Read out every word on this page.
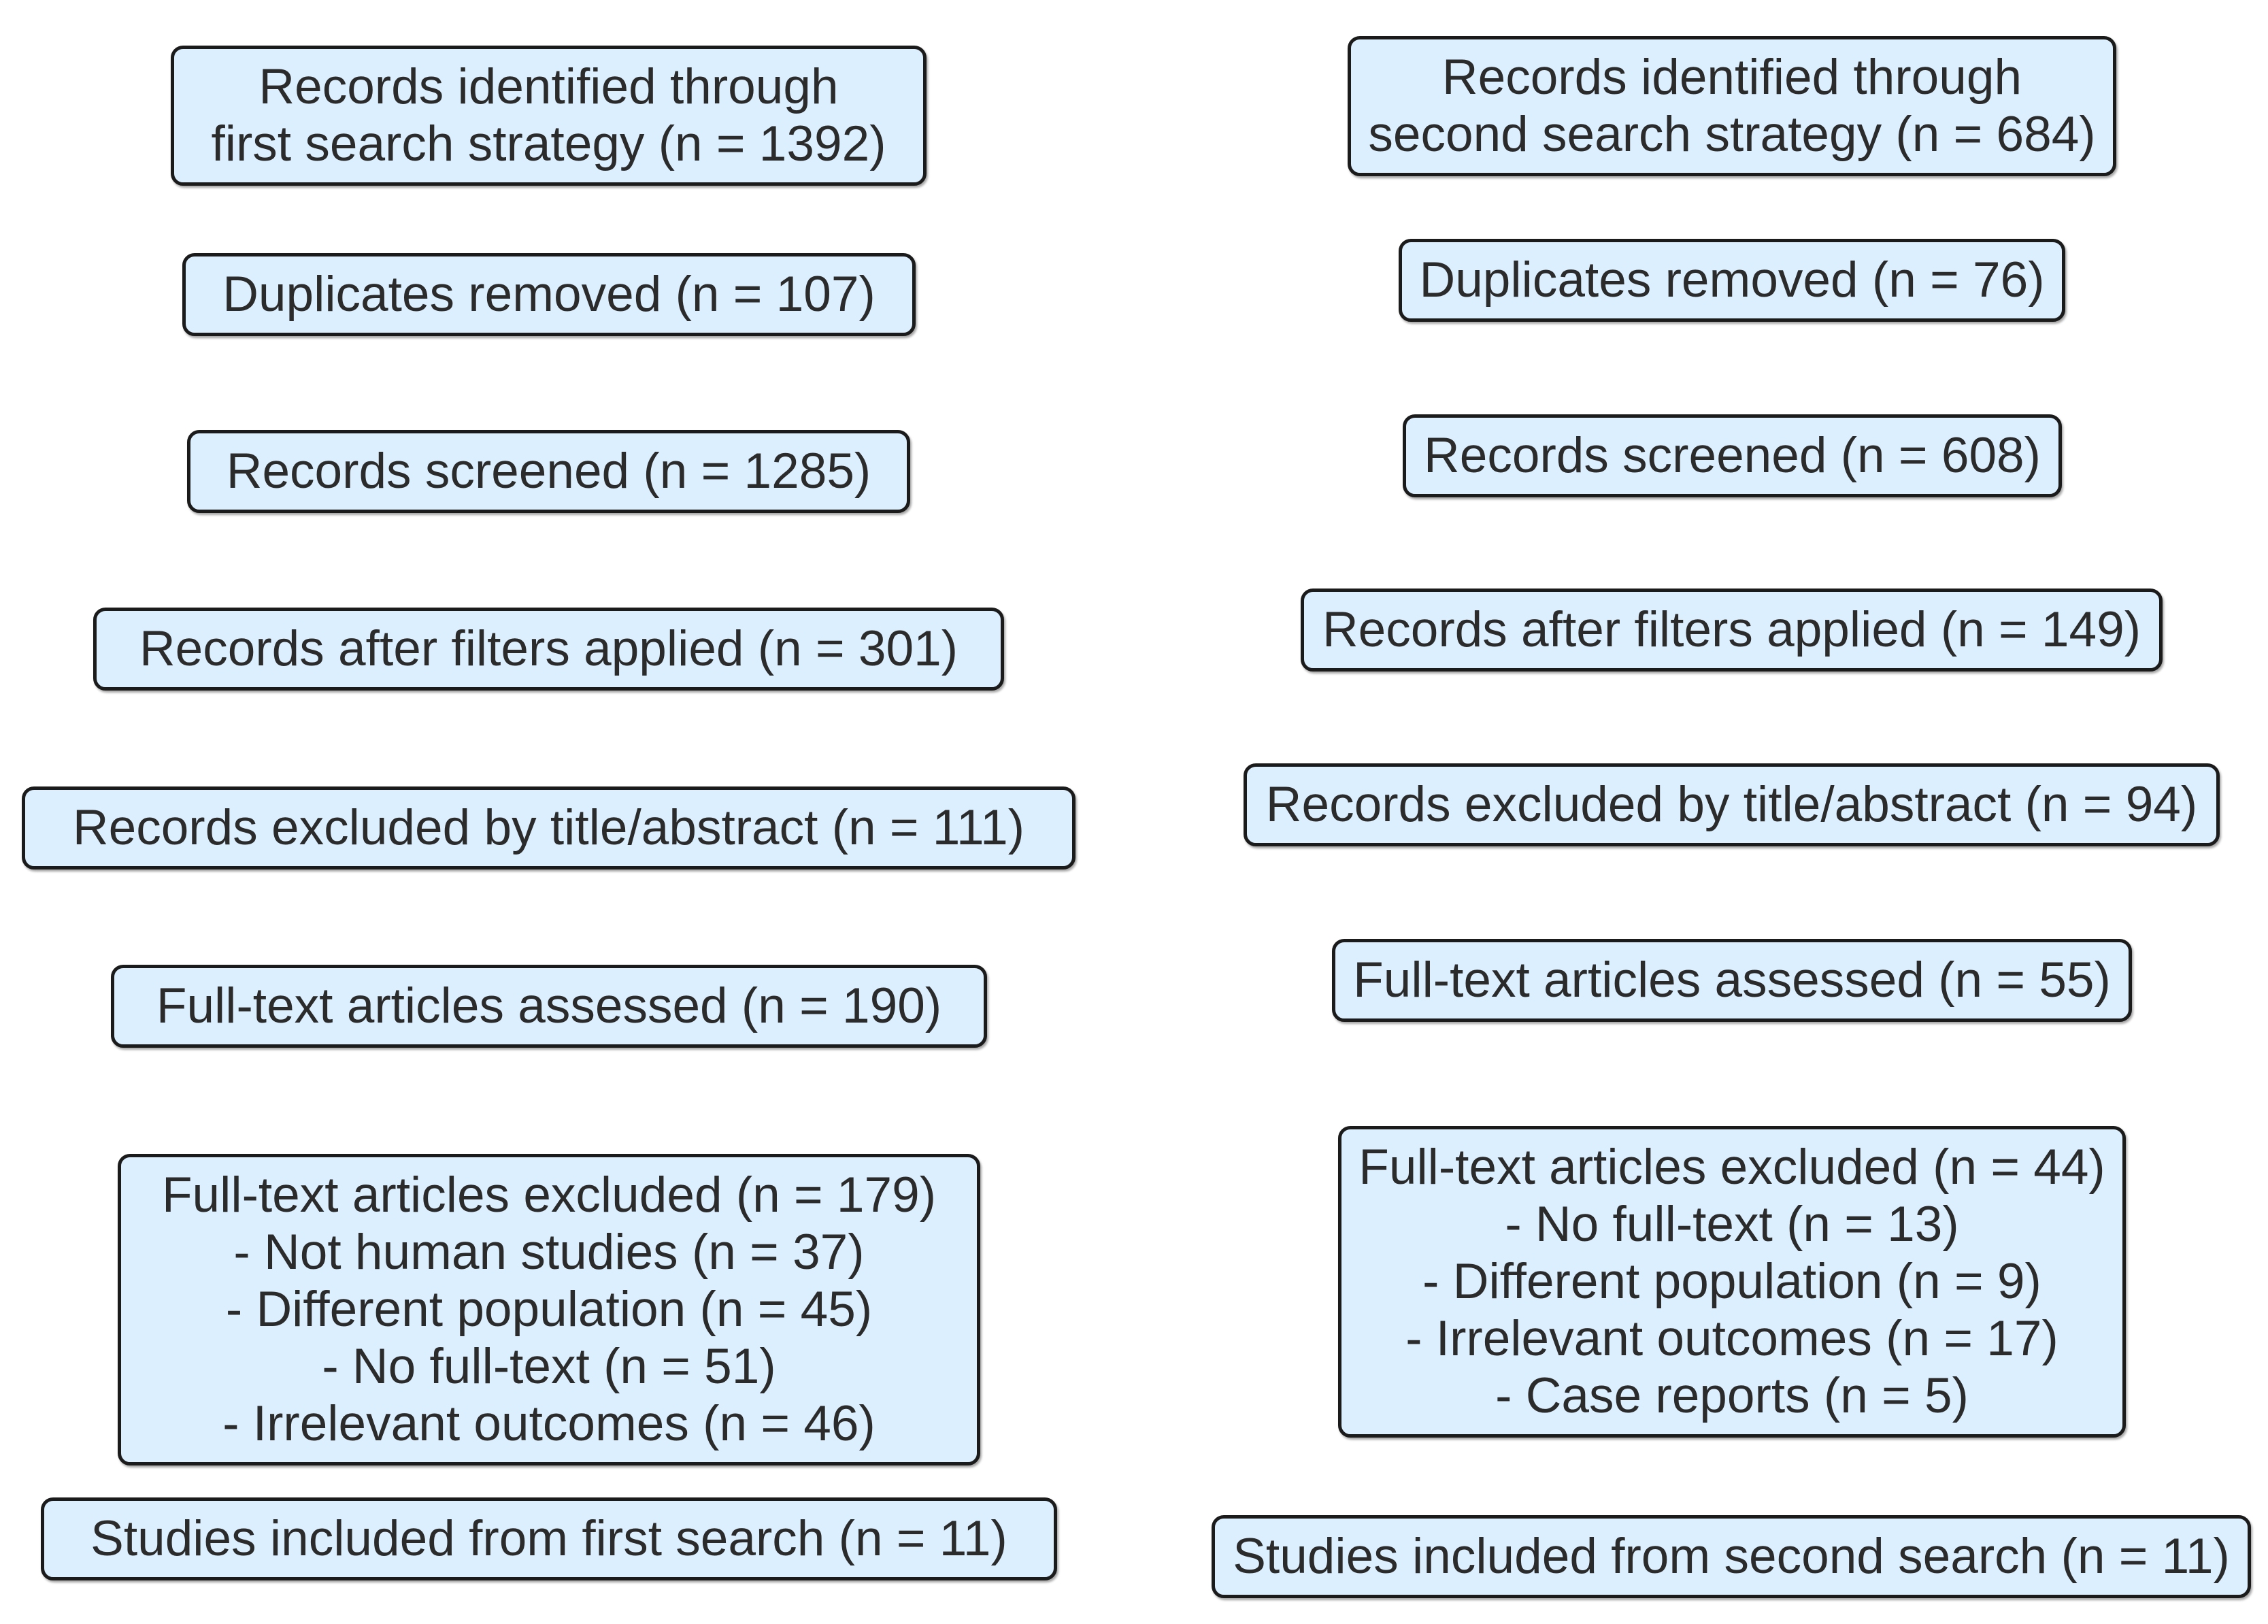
Records identified through
first search strategy (n = 1392)
Duplicates removed (n = 107)
Records screened (n = 1285)
Records after filters applied (n = 301)
Records excluded by title/abstract (n = 111)
Full-text articles assessed (n = 190)
Full-text articles excluded (n = 179)
- Not human studies (n = 37)
- Different population (n = 45)
- No full-text (n = 51)
- Irrelevant outcomes (n = 46)
Studies included from first search (n = 11)
Records identified through
second search strategy (n = 684)
Duplicates removed (n = 76)
Records screened (n = 608)
Records after filters applied (n = 149)
Records excluded by title/abstract (n = 94)
Full-text articles assessed (n = 55)
Full-text articles excluded (n = 44)
- No full-text (n = 13)
- Different population (n = 9)
- Irrelevant outcomes (n = 17)
- Case reports (n = 5)
Studies included from second search (n = 11)
